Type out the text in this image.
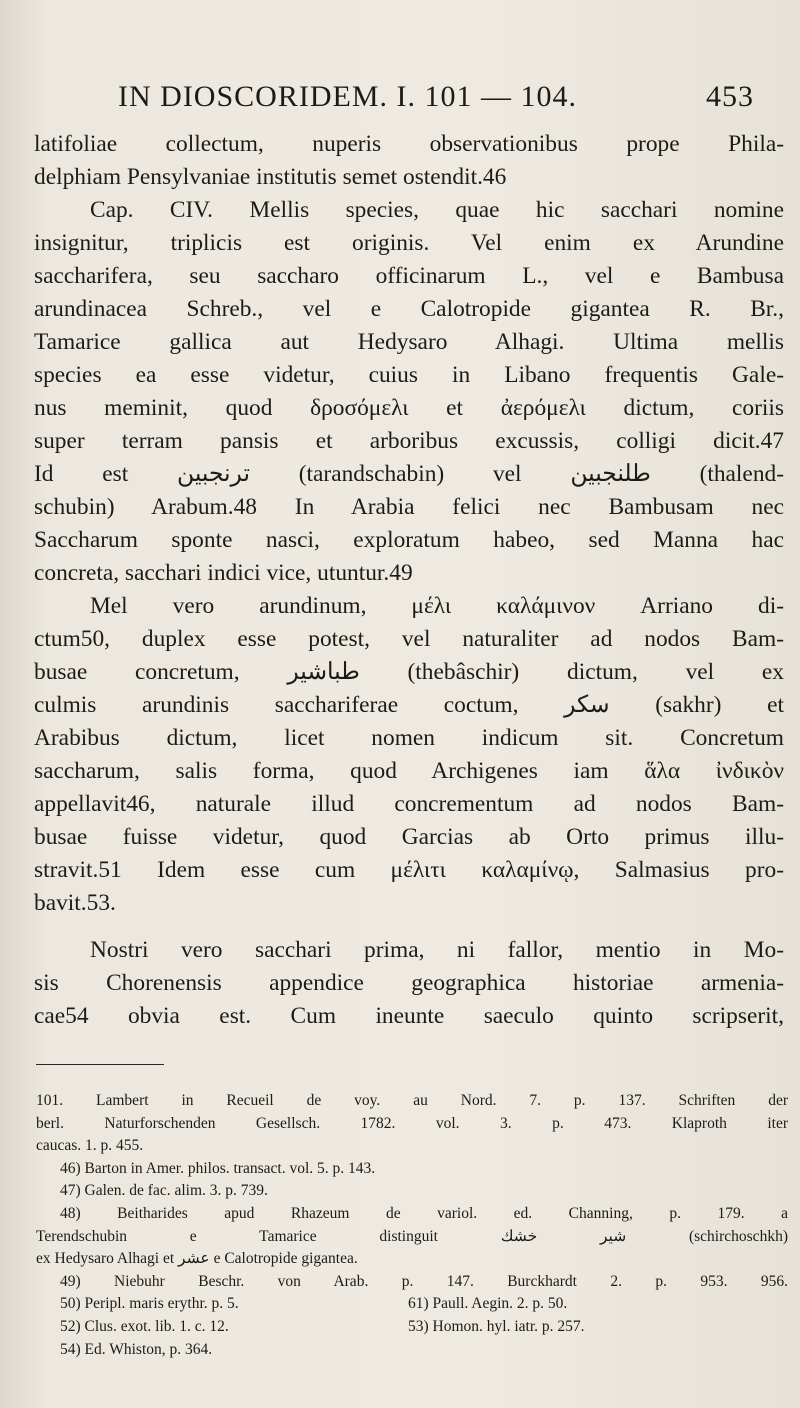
IN DIOSCORIDEM. I. 101 — 104.	453
latifoliae collectum, nuperis observationibus prope Phila-
delphiam Pensylvaniae institutis semet ostendit.46
Cap. CIV. Mellis species, quae hic sacchari nomine
insignitur, triplicis est originis. Vel enim ex Arundine
saccharifera, seu saccharo officinarum L., vel e Bambusa
arundinacea Schreb., vel e Calotropide gigantea R. Br.,
Tamarice gallica aut Hedysaro Alhagi. Ultima mellis
species ea esse videtur, cuius in Libano frequentis Gale-
nus meminit, quod δροσόμελι et ἀερόμελι dictum, coriis
super terram pansis et arboribus excussis, colligi dicit.47
Id est ترنجبين (tarandschabin) vel طلنجبين (thalend-
schubin) Arabum.48 In Arabia felici nec Bambusam nec
Saccharum sponte nasci, exploratum habeo, sed Manna hac
concreta, sacchari indici vice, utuntur.49
Mel vero arundinum, μέλι καλάμινον Arriano di-
ctum50, duplex esse potest, vel naturaliter ad nodos Bam-
busae concretum, طباشير (thebâschir) dictum, vel ex
culmis arundinis sacchariferae coctum, سكر (sakhr) et
Arabibus dictum, licet nomen indicum sit. Concretum
saccharum, salis forma, quod Archigenes iam ἅλα ἰνδικὸν
appellavit46, naturale illud concrementum ad nodos Bam-
busae fuisse videtur, quod Garcias ab Orto primus illu-
stravit.51 Idem esse cum μέλιτι καλαμίνῳ, Salmasius pro-
bavit.53.
Nostri vero sacchari prima, ni fallor, mentio in Mo-
sis Chorenensis appendice geographica historiae armenia-
cae54 obvia est. Cum ineunte saeculo quinto scripserit,
101. Lambert in Recueil de voy. au Nord. 7. p. 137. Schriften der
berl. Naturforschenden Gesellsch. 1782. vol. 3. p. 473. Klaproth iter
caucas. 1. p. 455.
46) Barton in Amer. philos. transact. vol. 5. p. 143.
47) Galen. de fac. alim. 3. p. 739.
48) Beitharides apud Rhazeum de variol. ed. Channing, p. 179. a
Terendschubin e Tamarice distinguit شير خشك (schirchoschkh)
ex Hedysaro Alhagi et عشر e Calotropide gigantea.
49) Niebuhr Beschr. von Arab. p. 147. Burckhardt 2. p. 953. 956.
50) Peripl. maris erythr. p. 5.	61) Paull. Aegin. 2. p. 50.
52) Clus. exot. lib. 1. c. 12.	53) Homon. hyl. iatr. p. 257.
54) Ed. Whiston, p. 364.
